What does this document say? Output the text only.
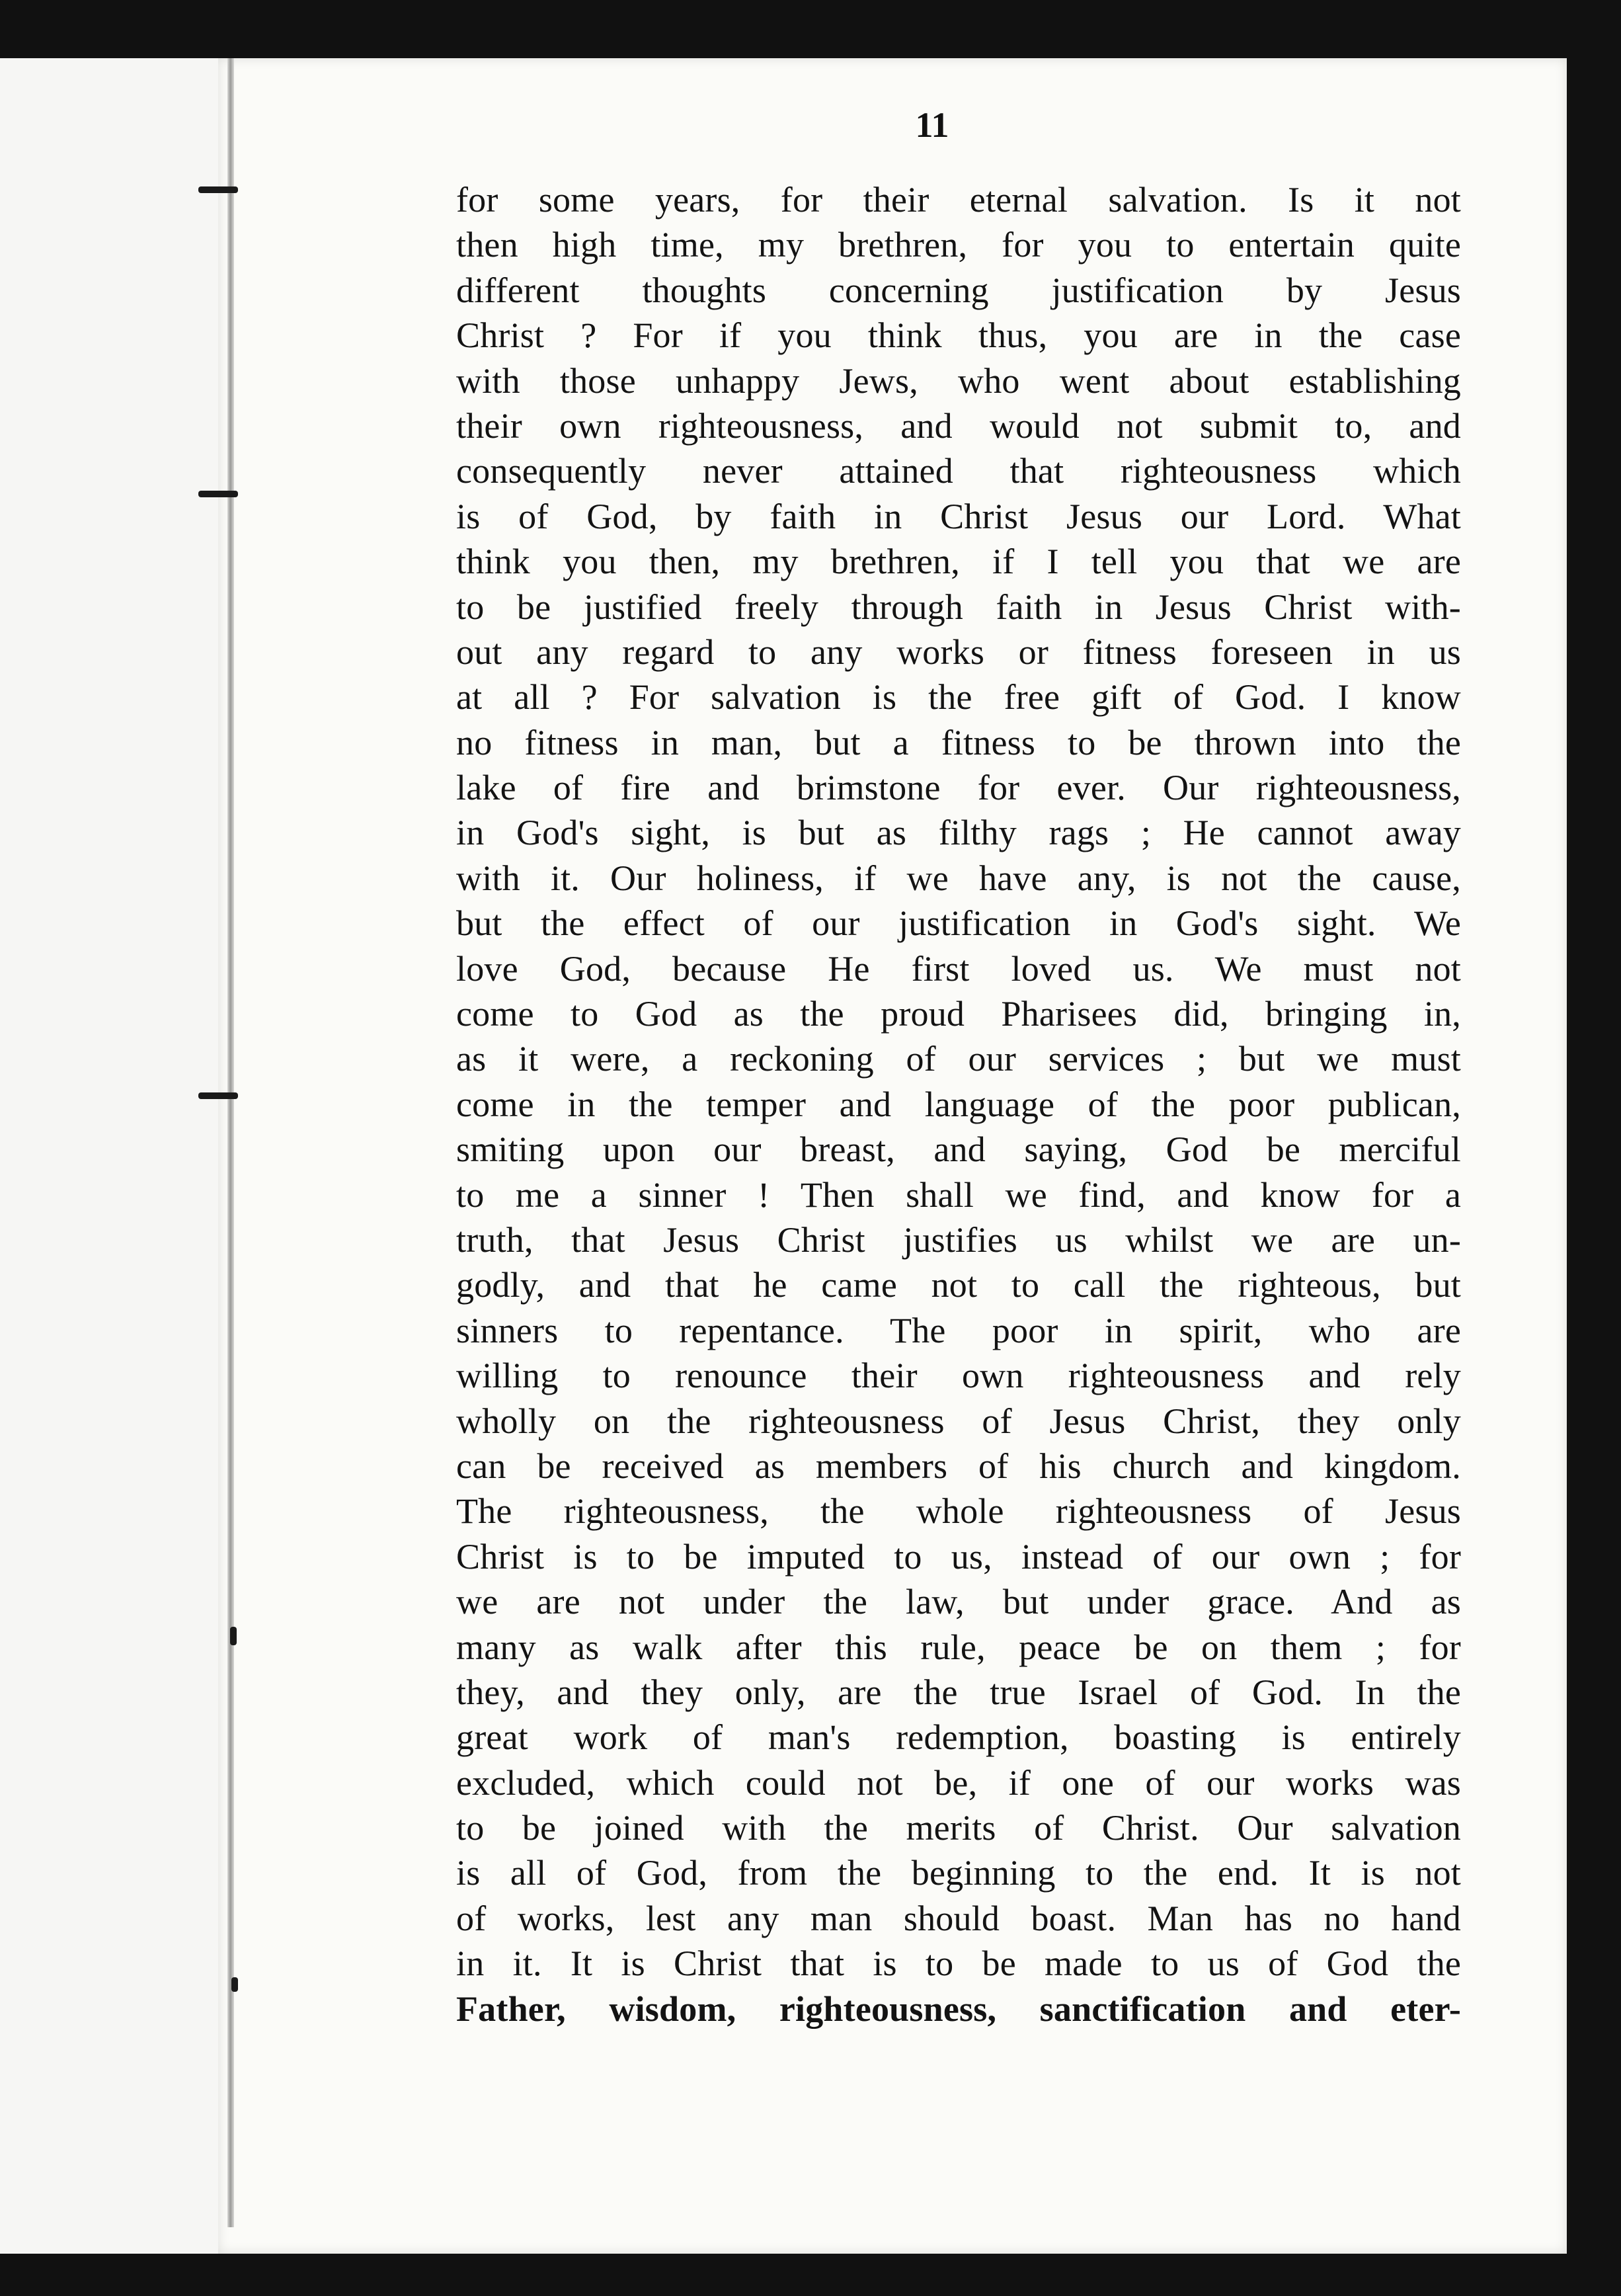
11
for some years, for their eternal salvation. Is it not
then high time, my brethren, for you to entertain quite
different thoughts concerning justification by Jesus
Christ ? For if you think thus, you are in the case
with those unhappy Jews, who went about establishing
their own righteousness, and would not submit to, and
consequently never attained that righteousness which
is of God, by faith in Christ Jesus our Lord. What
think you then, my brethren, if I tell you that we are
to be justified freely through faith in Jesus Christ with-
out any regard to any works or fitness foreseen in us
at all ? For salvation is the free gift of God. I know
no fitness in man, but a fitness to be thrown into the
lake of fire and brimstone for ever. Our righteousness,
in God's sight, is but as filthy rags ; He cannot away
with it. Our holiness, if we have any, is not the cause,
but the effect of our justification in God's sight. We
love God, because He first loved us. We must not
come to God as the proud Pharisees did, bringing in,
as it were, a reckoning of our services ; but we must
come in the temper and language of the poor publican,
smiting upon our breast, and saying, God be merciful
to me a sinner ! Then shall we find, and know for a
truth, that Jesus Christ justifies us whilst we are un-
godly, and that he came not to call the righteous, but
sinners to repentance. The poor in spirit, who are
willing to renounce their own righteousness and rely
wholly on the righteousness of Jesus Christ, they only
can be received as members of his church and kingdom.
The righteousness, the whole righteousness of Jesus
Christ is to be imputed to us, instead of our own ; for
we are not under the law, but under grace. And as
many as walk after this rule, peace be on them ; for
they, and they only, are the true Israel of God. In the
great work of man's redemption, boasting is entirely
excluded, which could not be, if one of our works was
to be joined with the merits of Christ. Our salvation
is all of God, from the beginning to the end. It is not
of works, lest any man should boast. Man has no hand
in it. It is Christ that is to be made to us of God the
Father, wisdom, righteousness, sanctification and eter-
